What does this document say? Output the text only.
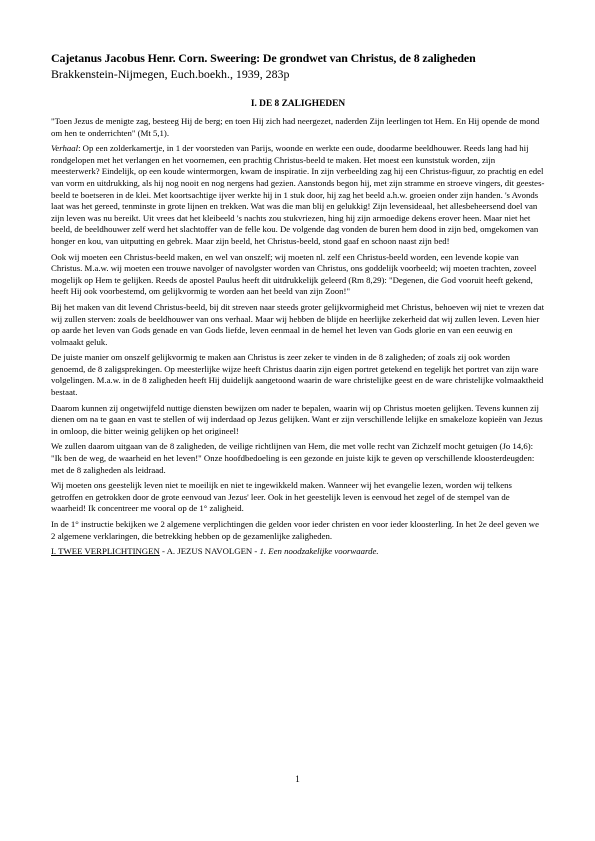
Cajetanus Jacobus Henr. Corn. Sweering: De grondwet van Christus, de 8 zaligheden

Brakkenstein-Nijmegen, Euch.boekh., 1939, 283p

I. DE 8 ZALIGHEDEN

"Toen Jezus de menigte zag, besteeg Hij de berg; en toen Hij zich had neergezet, naderden Zijn leerlingen tot Hem. En Hij opende de mond om hen te onderrichten" (Mt 5,1).

Verhaal: Op een zolderkamertje, in 1 der voorsteden van Parijs, woonde en werkte een oude, doodarme beeldhouwer. Reeds lang had hij rondgelopen met het verlangen en het voornemen, een prachtig Christus-beeld te maken. Het moest een kunststuk worden, zijn meesterwerk? Eindelijk, op een koude wintermorgen, kwam de inspiratie. In zijn verbeelding zag hij een Christus-figuur, zo prachtig en edel van vorm en uitdrukking, als hij nog nooit en nog nergens had gezien. Aanstonds begon hij, met zijn stramme en stroeve vingers, dit geestesbeeld te boetseren in de klei. Met koortsachtige ijver werkte hij in 1 stuk door, hij zag het beeld a.h.w. groeien onder zijn handen. 's Avonds laat was het gereed, tenminste in grote lijnen en trekken. Wat was die man blij en gelukkig! Zijn levensideaal, het allesbeheersend doel van zijn leven was nu bereikt. Uit vrees dat het kleibeeld 's nachts zou stukvriezen, hing hij zijn armoedige dekens erover heen. Maar niet het beeld, de beeldhouwer zelf werd het slachtoffer van de felle kou. De volgende dag vonden de buren hem dood in zijn bed, omgekomen van honger en kou, van uitputting en gebrek. Maar zijn beeld, het Christus-beeld, stond gaaf en schoon naast zijn bed!

Ook wij moeten een Christus-beeld maken, en wel van onszelf; wij moeten nl. zelf een Christus-beeld worden, een levende kopie van Christus. M.a.w. wij moeten een trouwe navolger of navolgster worden van Christus, ons goddelijk voorbeeld; wij moeten trachten, zoveel mogelijk op Hem te gelijken. Reeds de apostel Paulus heeft dit uitdrukkelijk geleerd (Rm 8,29): "Degenen, die God vooruit heeft gekend, heeft Hij ook voorbestemd, om gelijkvormig te worden aan het beeld van zijn Zoon!"

Bij het maken van dit levend Christus-beeld, bij dit streven naar steeds groter gelijkvormigheid met Christus, behoeven wij niet te vrezen dat wij zullen sterven: zoals de beeldhouwer van ons verhaal. Maar wij hebben de blijde en heerlijke zekerheid dat wij zullen leven. Leven hier op aarde het leven van Gods genade en van Gods liefde, leven eenmaal in de hemel het leven van Gods glorie en van een eeuwig en volmaakt geluk.

De juiste manier om onszelf gelijkvormig te maken aan Christus is zeer zeker te vinden in de 8 zaligheden; of zoals zij ook worden genoemd, de 8 zaligsprekingen. Op meesterlijke wijze heeft Christus daarin zijn eigen portret getekend en tegelijk het portret van zijn ware volgelingen. M.a.w. in de 8 zaligheden heeft Hij duidelijk aangetoond waarin de ware christelijke geest en de ware christelijke volmaaktheid bestaat.

Daarom kunnen zij ongetwijfeld nuttige diensten bewijzen om nader te bepalen, waarin wij op Christus moeten gelijken. Tevens kunnen zij dienen om na te gaan en vast te stellen of wij inderdaad op Jezus gelijken. Want er zijn verschillende lelijke en smakeloze kopieën van Jezus in omloop, die bitter weinig gelijken op het origineel!

We zullen daarom uitgaan van de 8 zaligheden, de veilige richtlijnen van Hem, die met volle recht van Zichzelf mocht getuigen (Jo 14,6): "Ik ben de weg, de waarheid en het leven!" Onze hoofdbedoeling is een gezonde en juiste kijk te geven op verschillende kloosterdeugden: met de 8 zaligheden als leidraad.

Wij moeten ons geestelijk leven niet te moeilijk en niet te ingewikkeld maken. Wanneer wij het evangelie lezen, worden wij telkens getroffen en getrokken door de grote eenvoud van Jezus' leer. Ook in het geestelijk leven is eenvoud het zegel of de stempel van de waarheid! Ik concentreer me vooral op de 1° zaligheid.

In de 1° instructie bekijken we 2 algemene verplichtingen die gelden voor ieder christen en voor ieder kloosterling. In het 2e deel geven we 2 algemene verklaringen, die betrekking hebben op de gezamenlijke zaligheden.

I. TWEE VERPLICHTINGEN - A. JEZUS NAVOLGEN - 1. Een noodzakelijke voorwaarde.

1
